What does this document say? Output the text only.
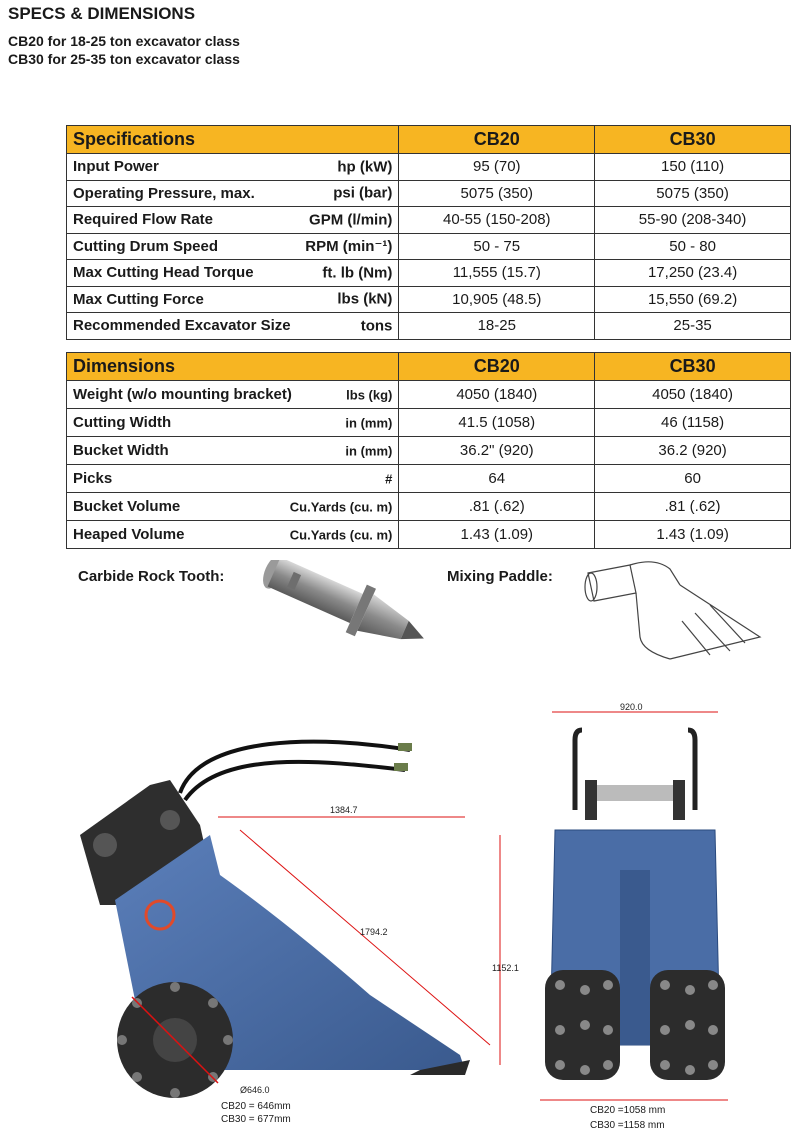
SPECS & DIMENSIONS
CB20 for 18-25 ton excavator class
CB30 for 25-35 ton excavator class
Specifications	CB20	CB30
Input Power hp (kW)	95 (70)	150 (110)
Operating Pressure, max. psi (bar)	5075 (350)	5075 (350)
Required Flow Rate GPM (l/min)	40-55 (150-208)	55-90 (208-340)
Cutting Drum Speed RPM (min⁻¹)	50 - 75	50 - 80
Max Cutting Head Torque ft. lb (Nm)	11,555 (15.7)	17,250 (23.4)
Max Cutting Force lbs (kN)	10,905 (48.5)	15,550 (69.2)
Recommended Excavator Size tons	18-25	25-35
Dimensions	CB20	CB30
Weight (w/o mounting bracket) lbs (kg)	4050 (1840)	4050 (1840)
Cutting Width in (mm)	41.5 (1058)	46 (1158)
Bucket Width in (mm)	36.2" (920)	36.2 (920)
Picks #	64	60
Bucket Volume Cu.Yards (cu. m)	.81 (.62)	.81 (.62)
Heaped Volume Cu.Yards (cu. m)	1.43 (1.09)	1.43 (1.09)
Carbide Rock Tooth:	Mixing Paddle:
1384.7
1794.2
1152.1
Ø646.0
CB20 = 646mm
CB30 = 677mm
920.0
CB20 =1058 mm
CB30 =1158 mm
